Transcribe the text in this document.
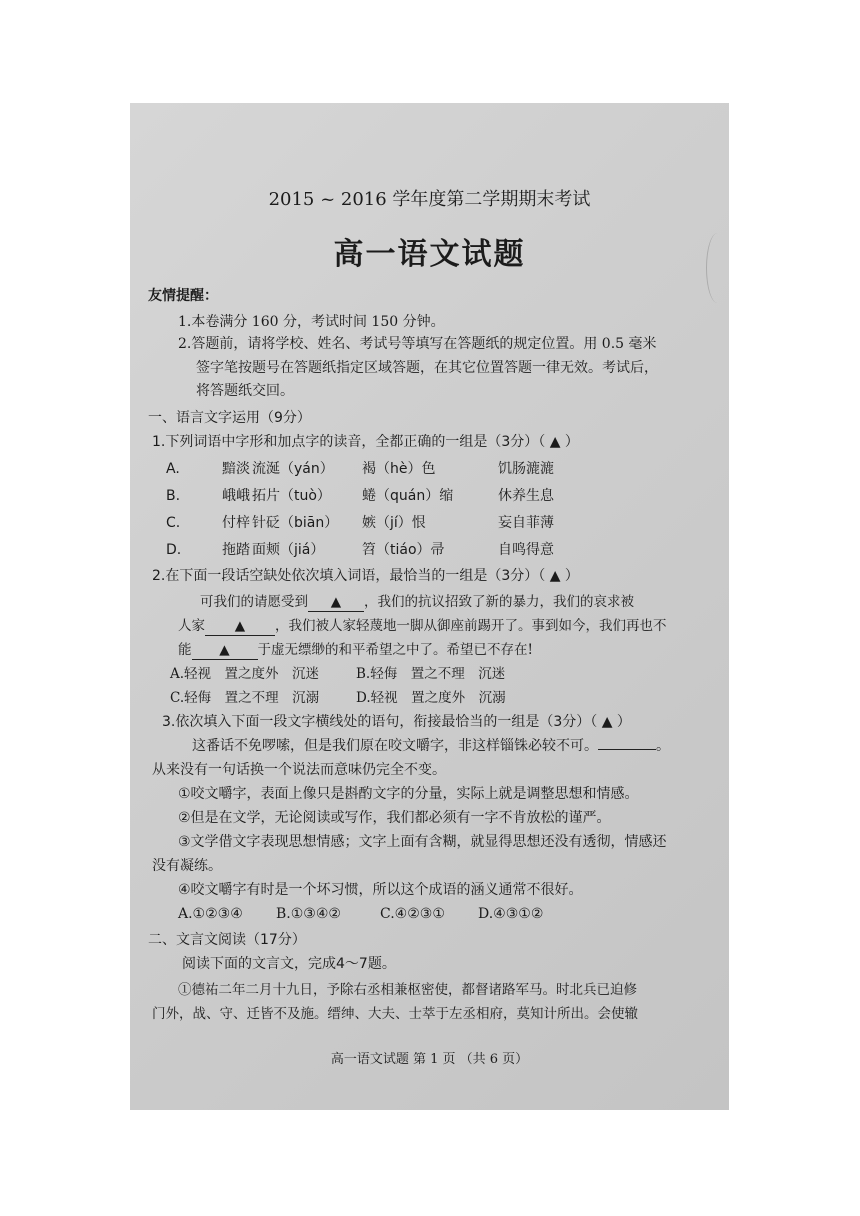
2015 ~ 2016 学年度第二学期期末考试
高一语文试题
友情提醒：
1.本卷满分 160 分，考试时间 150 分钟。
2.答题前，请将学校、姓名、考试号等填写在答题纸的规定位置。用 0.5 毫米
签字笔按题号在答题纸指定区域答题，在其它位置答题一律无效。考试后，
将答题纸交回。
一、语言文字运用（9分）
1.下列词语中字形和加点字的读音，全都正确的一组是（3分）（ ▲ ）
A.	黯淡 流涎（yán） 褐（hè）色	饥肠漉漉
B.	峨峨 拓片（tuò） 蜷（quán）缩	休养生息
C.	付梓 针砭（biān） 嫉（jí）恨	妄自菲薄
D.	拖踏 面颊（jiá）	笤（tiáo）帚	自鸣得意
2.在下面一段话空缺处依次填入词语，最恰当的一组是（3分）（ ▲ ）
可我们的请愿受到 ▲ ，我们的抗议招致了新的暴力，我们的哀求被
人家 ▲ ，我们被人家轻蔑地一脚从御座前踢开了。事到如今，我们再也不
能 ▲ 于虚无缥缈的和平希望之中了。希望已不存在!
A.轻视　置之度外　沉迷	B.轻侮　置之不理　沉迷
C.轻侮　置之不理　沉溺	D.轻视　置之度外　沉溺
3.依次填入下面一段文字横线处的语句，衔接最恰当的一组是（3分）（ ▲ ）
这番话不免啰嗦，但是我们原在咬文嚼字，非这样锱铢必较不可。	。
从来没有一句话换一个说法而意味仍完全不变。
①咬文嚼字，表面上像只是斟酌文字的分量，实际上就是调整思想和情感。
②但是在文学，无论阅读或写作，我们都必须有一字不肯放松的谨严。
③文学借文字表现思想情感；文字上面有含糊，就显得思想还没有透彻，情感还
没有凝练。
④咬文嚼字有时是一个坏习惯，所以这个成语的涵义通常不很好。
A.①②③④ B.①③④②	C.④②③① D.④③①②
二、文言文阅读（17分）
阅读下面的文言文，完成4～7题。
①德祐二年二月十九日，予除右丞相兼枢密使，都督诸路军马。时北兵已迫修
门外，战、守、迁皆不及施。缙绅、大夫、士萃于左丞相府，莫知计所出。会使辙
高一语文试题 第 1 页 （共 6 页）
